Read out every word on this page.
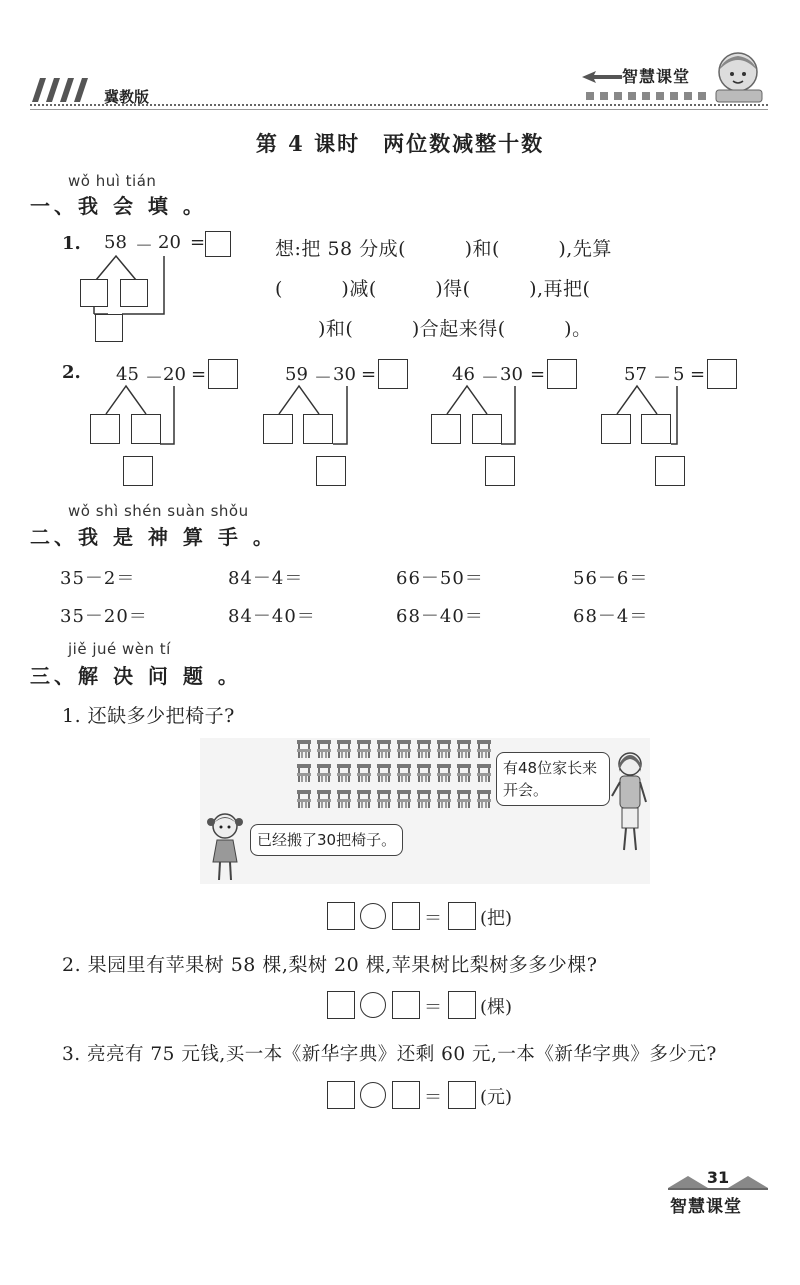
冀教版
智慧课堂
第 4 课时　两位数减整十数
wǒ huì tián
一、我 会 填 。
1. 58 － 20 =	想:把 58 分成(　　　)和(　　　),先算
(　　　)减(　　　)得(　　　),再把(
)和(　　　)合起来得(　　　)。
2. 45 － 20 =	59 － 30 =	46 － 30 =	57 － 5 =
wǒ shì shén suàn shǒu
二、我 是 神 算 手 。
35－2＝	84－4＝	66－50＝	56－6＝
35－20＝	84－40＝	68－40＝	68－4＝
jiě jué wèn tí
三、解 决 问 题 。
1. 还缺多少把椅子?
有48位家长来开会。
已经搬了30把椅子。
＝ (把)
2. 果园里有苹果树 58 棵,梨树 20 棵,苹果树比梨树多多少棵?
＝ (棵)
3. 亮亮有 75 元钱,买一本《新华字典》还剩 60 元,一本《新华字典》多少元?
＝ (元)
31
智慧课堂
